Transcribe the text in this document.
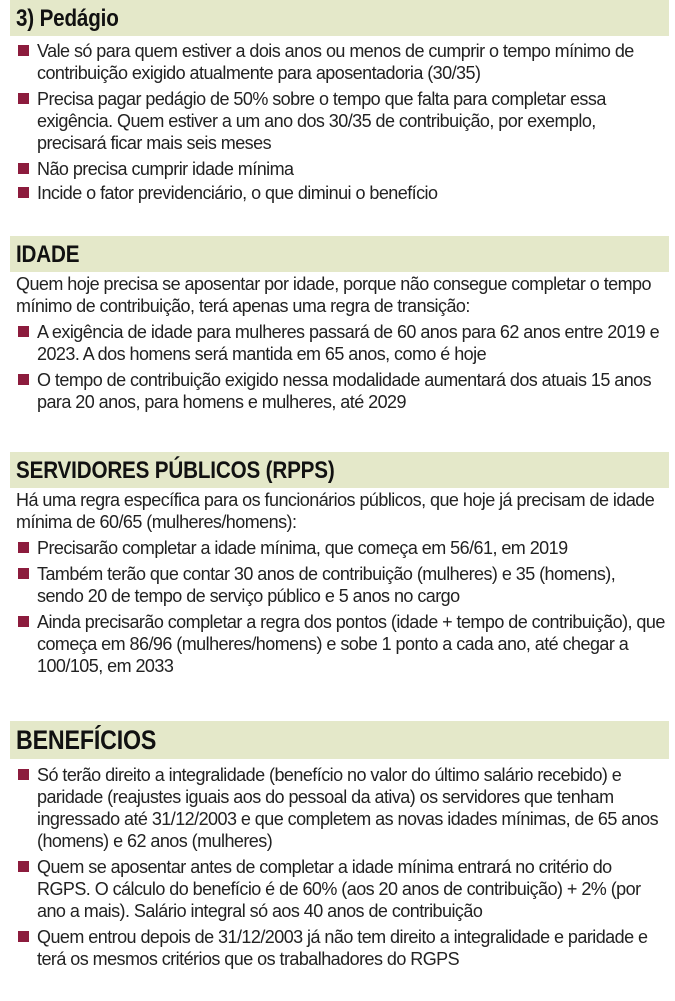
3) Pedágio
Vale só para quem estiver a dois anos ou menos de cumprir o tempo mínimo de contribuição exigido atualmente para aposentadoria (30/35)
Precisa pagar pedágio de 50% sobre o tempo que falta para completar essa exigência. Quem estiver a um ano dos 30/35 de contribuição, por exemplo, precisará ficar mais seis meses
Não precisa cumprir idade mínima
Incide o fator previdenciário, o que diminui o benefício
IDADE
Quem hoje precisa se aposentar por idade, porque não consegue completar o tempo mínimo de contribuição, terá apenas uma regra de transição:
A exigência de idade para mulheres passará de 60 anos para 62 anos entre 2019 e 2023. A dos homens será mantida em 65 anos, como é hoje
O tempo de contribuição exigido nessa modalidade aumentará dos atuais 15 anos para 20 anos, para homens e mulheres, até 2029
SERVIDORES PÚBLICOS (RPPS)
Há uma regra específica para os funcionários públicos, que hoje já precisam de idade mínima de 60/65 (mulheres/homens):
Precisarão completar a idade mínima, que começa em 56/61, em 2019
Também terão que contar 30 anos de contribuição (mulheres) e 35 (homens), sendo 20 de tempo de serviço público e 5 anos no cargo
Ainda precisarão completar a regra dos pontos (idade + tempo de contribuição), que começa em 86/96 (mulheres/homens) e sobe 1 ponto a cada ano, até chegar a 100/105, em 2033
BENEFÍCIOS
Só terão direito a integralidade (benefício no valor do último salário recebido) e paridade (reajustes iguais aos do pessoal da ativa) os servidores que tenham ingressado até 31/12/2003 e que completem as novas idades mínimas, de 65 anos (homens) e 62 anos (mulheres)
Quem se aposentar antes de completar a idade mínima entrará no critério do RGPS. O cálculo do benefício é de 60% (aos 20 anos de contribuição) + 2% (por ano a mais). Salário integral só aos 40 anos de contribuição
Quem entrou depois de 31/12/2003 já não tem direito a integralidade e paridade e terá os mesmos critérios que os trabalhadores do RGPS
